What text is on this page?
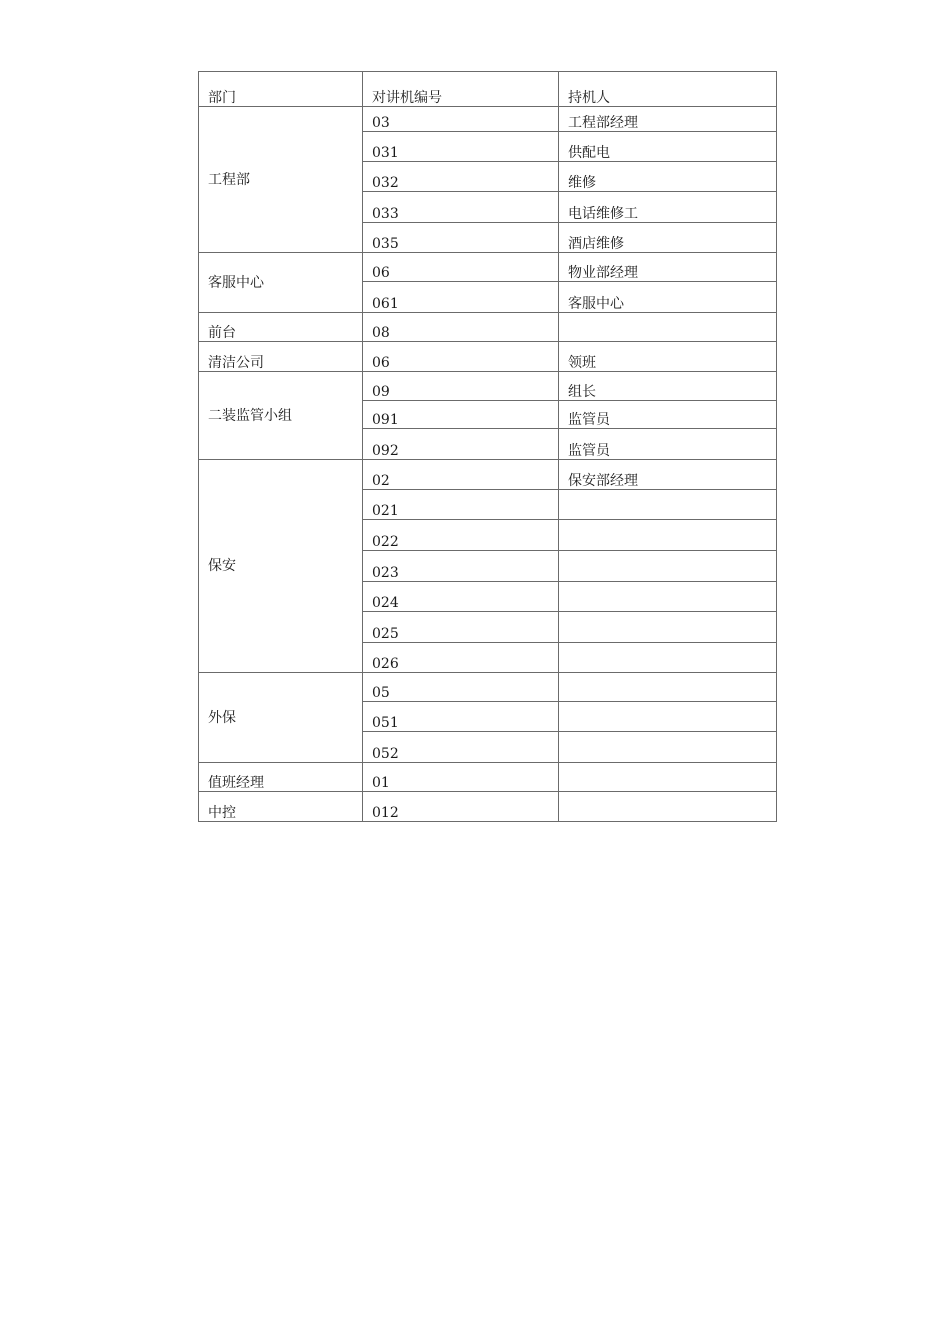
部门	对讲机编号	持机人
工程部	03	工程部经理
	031	供配电
	032	维修
	033	电话维修工
	035	酒店维修
客服中心	06	物业部经理
	061	客服中心
前台	08	
清洁公司	06	领班
二装监管小组	09	组长
	091	监管员
	092	监管员
保安	02	保安部经理
	021	
	022	
	023	
	024	
	025	
	026	
外保	05	
	051	
	052	
值班经理	01	
中控	012	
